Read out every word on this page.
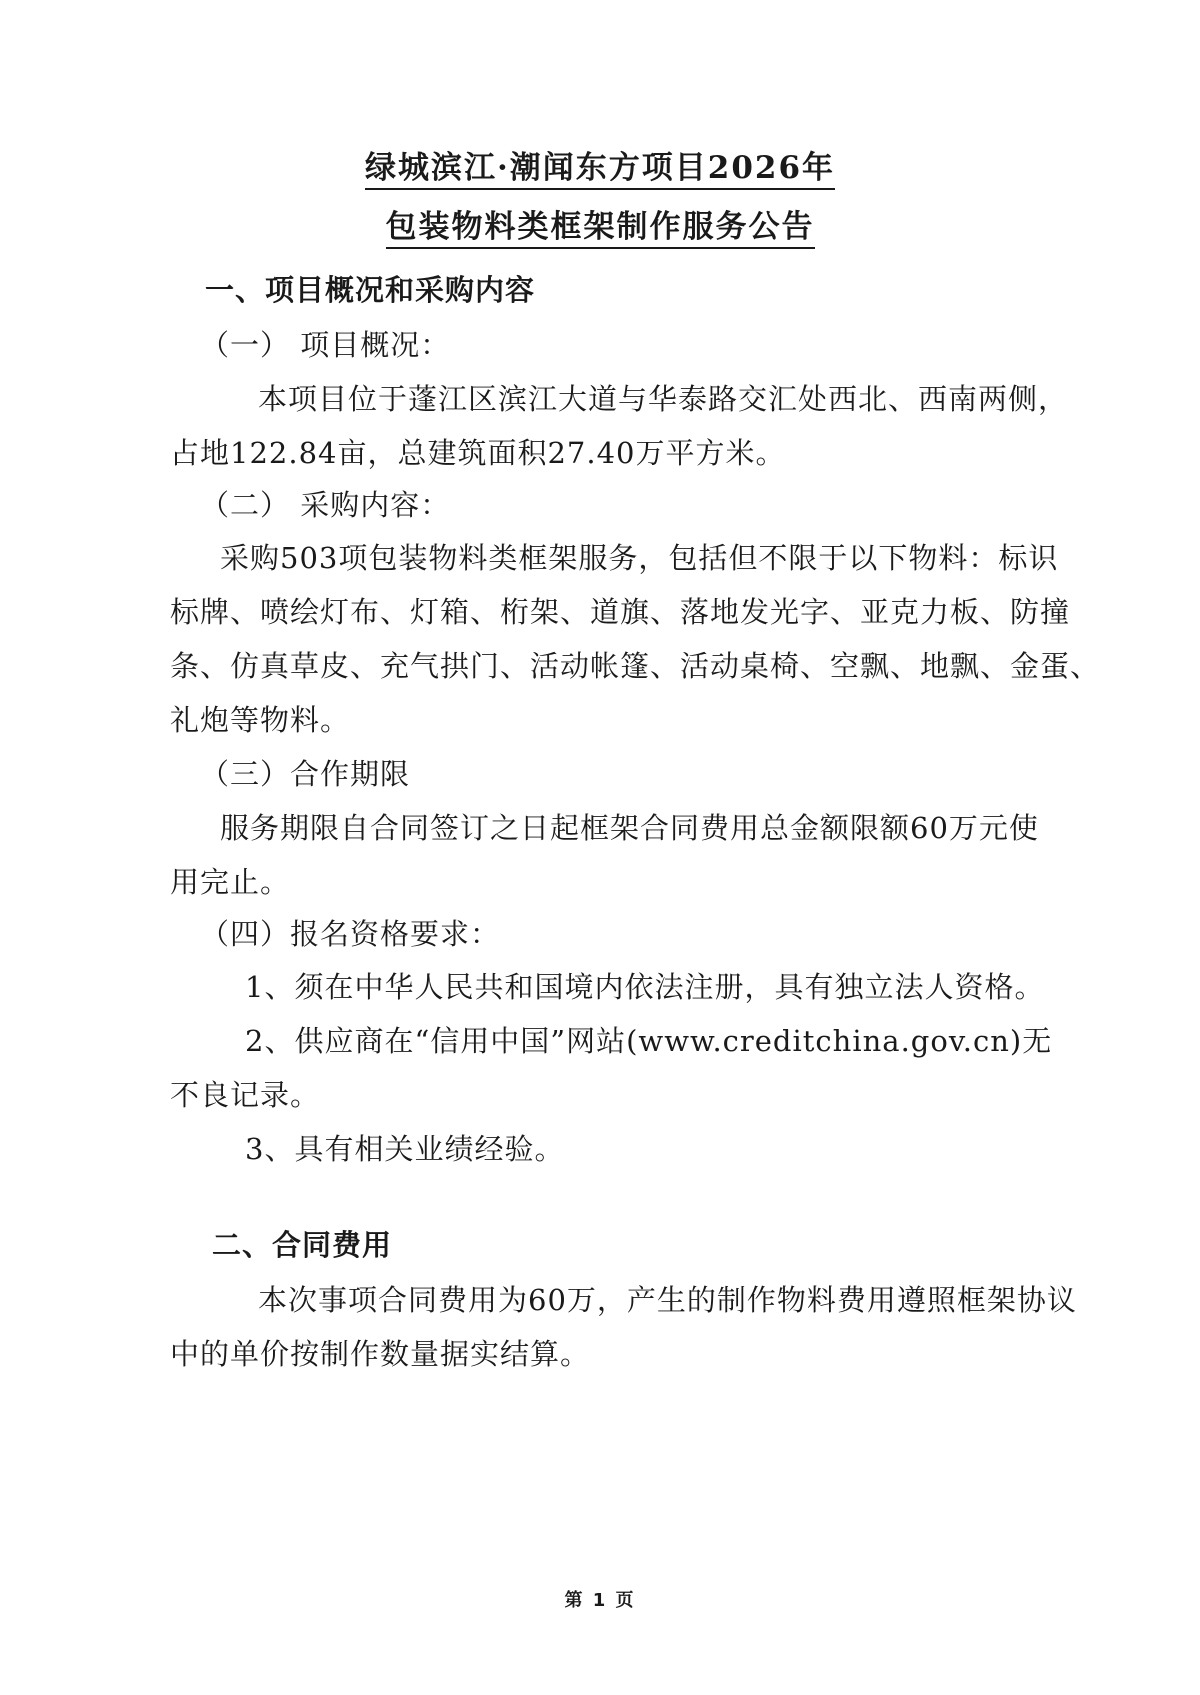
绿城滨江·潮闻东方项目2026年
包装物料类框架制作服务公告
一、项目概况和采购内容
（一） 项目概况：
本项目位于蓬江区滨江大道与华泰路交汇处西北、西南两侧，
占地122.84亩，总建筑面积27.40万平方米。
（二） 采购内容：
采购503项包装物料类框架服务，包括但不限于以下物料：标识
标牌、喷绘灯布、灯箱、桁架、道旗、落地发光字、亚克力板、防撞
条、仿真草皮、充气拱门、活动帐篷、活动桌椅、空飘、地飘、金蛋、
礼炮等物料。
（三）合作期限
服务期限自合同签订之日起框架合同费用总金额限额60万元使
用完止。
（四）报名资格要求：
1、须在中华人民共和国境内依法注册，具有独立法人资格。
2、供应商在“信用中国”网站(www.creditchina.gov.cn)无
不良记录。
3、具有相关业绩经验。
二、合同费用
本次事项合同费用为60万，产生的制作物料费用遵照框架协议
中的单价按制作数量据实结算。
第 1 页
